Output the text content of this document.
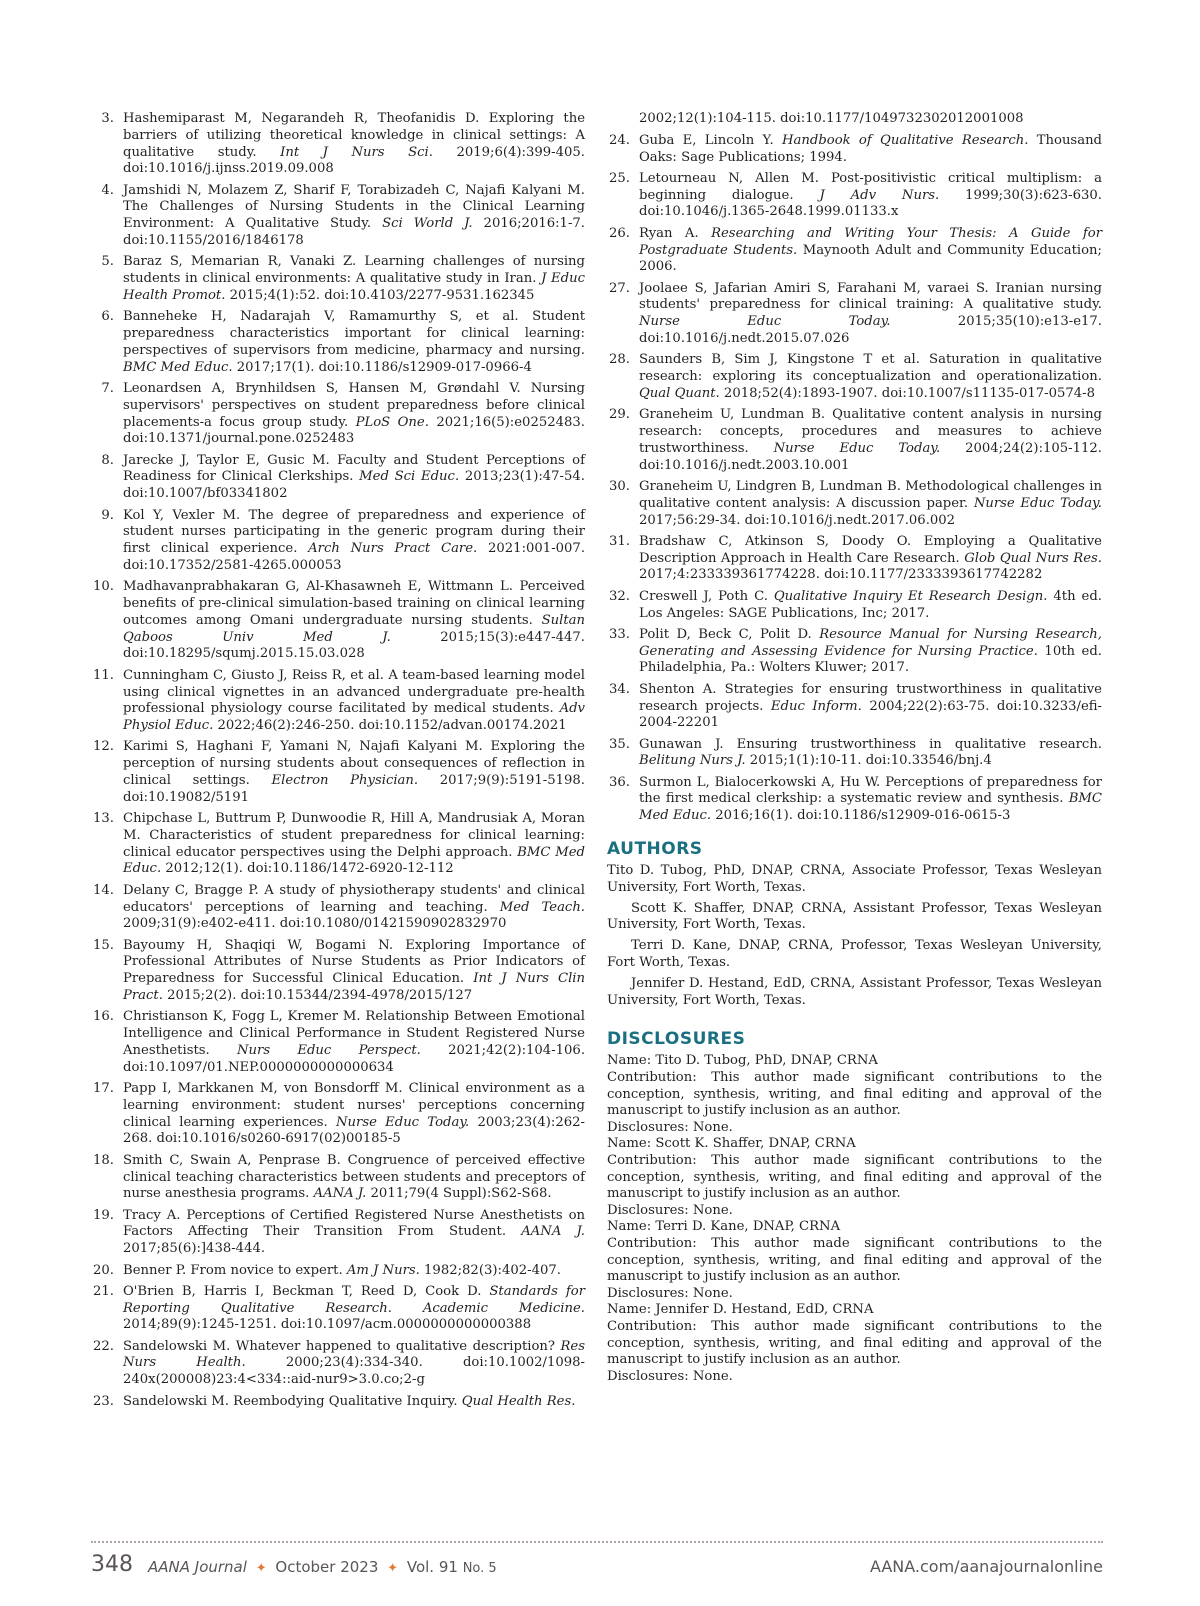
3. Hashemiparast M, Negarandeh R, Theofanidis D. Exploring the barriers of utilizing theoretical knowledge in clinical settings: A qualitative study. Int J Nurs Sci. 2019;6(4):399-405. doi:10.1016/j.ijnss.2019.09.008
4. Jamshidi N, Molazem Z, Sharif F, Torabizadeh C, Najafi Kalyani M. The Challenges of Nursing Students in the Clinical Learning Environment: A Qualitative Study. Sci World J. 2016;2016:1-7. doi:10.1155/2016/1846178
5. Baraz S, Memarian R, Vanaki Z. Learning challenges of nursing students in clinical environments: A qualitative study in Iran. J Educ Health Promot. 2015;4(1):52. doi:10.4103/2277-9531.162345
6. Banneheke H, Nadarajah V, Ramamurthy S, et al. Student preparedness characteristics important for clinical learning: perspectives of supervisors from medicine, pharmacy and nursing. BMC Med Educ. 2017;17(1). doi:10.1186/s12909-017-0966-4
7. Leonardsen A, Brynhildsen S, Hansen M, Grøndahl V. Nursing supervisors' perspectives on student preparedness before clinical placements-a focus group study. PLoS One. 2021;16(5):e0252483. doi:10.1371/journal.pone.0252483
8. Jarecke J, Taylor E, Gusic M. Faculty and Student Perceptions of Readiness for Clinical Clerkships. Med Sci Educ. 2013;23(1):47-54. doi:10.1007/bf03341802
9. Kol Y, Vexler M. The degree of preparedness and experience of student nurses participating in the generic program during their first clinical experience. Arch Nurs Pract Care. 2021:001-007. doi:10.17352/2581-4265.000053
10. Madhavanprabhakaran G, Al-Khasawneh E, Wittmann L. Perceived benefits of pre-clinical simulation-based training on clinical learning outcomes among Omani undergraduate nursing students. Sultan Qaboos Univ Med J. 2015;15(3):e447-447. doi:10.18295/squmj.2015.15.03.028
11. Cunningham C, Giusto J, Reiss R, et al. A team-based learning model using clinical vignettes in an advanced undergraduate pre-health professional physiology course facilitated by medical students. Adv Physiol Educ. 2022;46(2):246-250. doi:10.1152/advan.00174.2021
12. Karimi S, Haghani F, Yamani N, Najafi Kalyani M. Exploring the perception of nursing students about consequences of reflection in clinical settings. Electron Physician. 2017;9(9):5191-5198. doi:10.19082/5191
13. Chipchase L, Buttrum P, Dunwoodie R, Hill A, Mandrusiak A, Moran M. Characteristics of student preparedness for clinical learning: clinical educator perspectives using the Delphi approach. BMC Med Educ. 2012;12(1). doi:10.1186/1472-6920-12-112
14. Delany C, Bragge P. A study of physiotherapy students' and clinical educators' perceptions of learning and teaching. Med Teach. 2009;31(9):e402-e411. doi:10.1080/01421590902832970
15. Bayoumy H, Shaqiqi W, Bogami N. Exploring Importance of Professional Attributes of Nurse Students as Prior Indicators of Preparedness for Successful Clinical Education. Int J Nurs Clin Pract. 2015;2(2). doi:10.15344/2394-4978/2015/127
16. Christianson K, Fogg L, Kremer M. Relationship Between Emotional Intelligence and Clinical Performance in Student Registered Nurse Anesthetists. Nurs Educ Perspect. 2021;42(2):104-106. doi:10.1097/01.NEP.0000000000000634
17. Papp I, Markkanen M, von Bonsdorff M. Clinical environment as a learning environment: student nurses' perceptions concerning clinical learning experiences. Nurse Educ Today. 2003;23(4):262-268. doi:10.1016/s0260-6917(02)00185-5
18. Smith C, Swain A, Penprase B. Congruence of perceived effective clinical teaching characteristics between students and preceptors of nurse anesthesia programs. AANA J. 2011;79(4 Suppl):S62-S68.
19. Tracy A. Perceptions of Certified Registered Nurse Anesthetists on Factors Affecting Their Transition From Student. AANA J. 2017;85(6):]438-444.
20. Benner P. From novice to expert. Am J Nurs. 1982;82(3):402-407.
21. O'Brien B, Harris I, Beckman T, Reed D, Cook D. Standards for Reporting Qualitative Research. Academic Medicine. 2014;89(9):1245-1251. doi:10.1097/acm.0000000000000388
22. Sandelowski M. Whatever happened to qualitative description? Res Nurs Health. 2000;23(4):334-340. doi:10.1002/1098-240x(200008)23:4<334::aid-nur9>3.0.co;2-g
23. Sandelowski M. Reembodying Qualitative Inquiry. Qual Health Res.
2002;12(1):104-115. doi:10.1177/1049732302012001008
24. Guba E, Lincoln Y. Handbook of Qualitative Research. Thousand Oaks: Sage Publications; 1994.
25. Letourneau N, Allen M. Post-positivistic critical multiplism: a beginning dialogue. J Adv Nurs. 1999;30(3):623-630. doi:10.1046/j.1365-2648.1999.01133.x
26. Ryan A. Researching and Writing Your Thesis: A Guide for Postgraduate Students. Maynooth Adult and Community Education; 2006.
27. Joolaee S, Jafarian Amiri S, Farahani M, varaei S. Iranian nursing students' preparedness for clinical training: A qualitative study. Nurse Educ Today. 2015;35(10):e13-e17. doi:10.1016/j.nedt.2015.07.026
28. Saunders B, Sim J, Kingstone T et al. Saturation in qualitative research: exploring its conceptualization and operationalization. Qual Quant. 2018;52(4):1893-1907. doi:10.1007/s11135-017-0574-8
29. Graneheim U, Lundman B. Qualitative content analysis in nursing research: concepts, procedures and measures to achieve trustworthiness. Nurse Educ Today. 2004;24(2):105-112. doi:10.1016/j.nedt.2003.10.001
30. Graneheim U, Lindgren B, Lundman B. Methodological challenges in qualitative content analysis: A discussion paper. Nurse Educ Today. 2017;56:29-34. doi:10.1016/j.nedt.2017.06.002
31. Bradshaw C, Atkinson S, Doody O. Employing a Qualitative Description Approach in Health Care Research. Glob Qual Nurs Res. 2017;4:233339361774228. doi:10.1177/2333393617742282
32. Creswell J, Poth C. Qualitative Inquiry Et Research Design. 4th ed. Los Angeles: SAGE Publications, Inc; 2017.
33. Polit D, Beck C, Polit D. Resource Manual for Nursing Research, Generating and Assessing Evidence for Nursing Practice. 10th ed. Philadelphia, Pa.: Wolters Kluwer; 2017.
34. Shenton A. Strategies for ensuring trustworthiness in qualitative research projects. Educ Inform. 2004;22(2):63-75. doi:10.3233/efi-2004-22201
35. Gunawan J. Ensuring trustworthiness in qualitative research. Belitung Nurs J. 2015;1(1):10-11. doi:10.33546/bnj.4
36. Surmon L, Bialocerkowski A, Hu W. Perceptions of preparedness for the first medical clerkship: a systematic review and synthesis. BMC Med Educ. 2016;16(1). doi:10.1186/s12909-016-0615-3
AUTHORS

Tito D. Tubog, PhD, DNAP, CRNA, Associate Professor, Texas Wesleyan University, Fort Worth, Texas.

Scott K. Shaffer, DNAP, CRNA, Assistant Professor, Texas Wesleyan University, Fort Worth, Texas.

Terri D. Kane, DNAP, CRNA, Professor, Texas Wesleyan University, Fort Worth, Texas.

Jennifer D. Hestand, EdD, CRNA, Assistant Professor, Texas Wesleyan University, Fort Worth, Texas.

DISCLOSURES

Name: Tito D. Tubog, PhD, DNAP, CRNA

Contribution: This author made significant contributions to the conception, synthesis, writing, and final editing and approval of the manuscript to justify inclusion as an author.

Disclosures: None.

Name: Scott K. Shaffer, DNAP, CRNA

Contribution: This author made significant contributions to the conception, synthesis, writing, and final editing and approval of the manuscript to justify inclusion as an author.

Disclosures: None.

Name: Terri D. Kane, DNAP, CRNA

Contribution: This author made significant contributions to the conception, synthesis, writing, and final editing and approval of the manuscript to justify inclusion as an author.

Disclosures: None.

Name: Jennifer D. Hestand, EdD, CRNA

Contribution: This author made significant contributions to the conception, synthesis, writing, and final editing and approval of the manuscript to justify inclusion as an author.

Disclosures: None.

348 AANA Journal ✦ October 2023 ✦ Vol. 91 No. 5	AANA.com/aanajournalonline
